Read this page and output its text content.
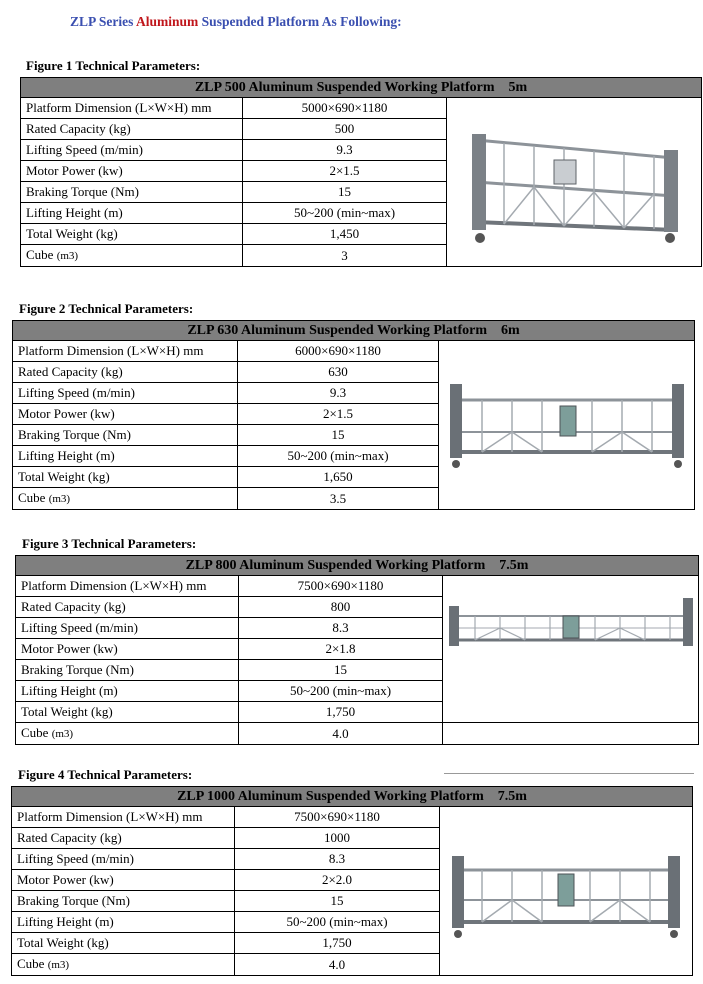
ZLP Series Aluminum Suspended Platform As Following:
Figure 1 Technical Parameters:
ZLP 500 Aluminum Suspended Working Platform 5m		
Platform Dimension (L×W×H) mm	5000×690×1180	

Rated Capacity (kg)	500	
Lifting Speed (m/min)	9.3	
Motor Power (kw)	2×1.5	
Braking Torque (Nm)	15	
Lifting Height (m)	50~200 (min~max)	
Total Weight (kg)	1,450	
Cube (m3)	3	
Figure 2 Technical Parameters:
ZLP 630 Aluminum Suspended Working Platform 6m		
Platform Dimension (L×W×H) mm	6000×690×1180	

Rated Capacity (kg)	630	
Lifting Speed (m/min)	9.3	
Motor Power (kw)	2×1.5	
Braking Torque (Nm)	15	
Lifting Height (m)	50~200 (min~max)	
Total Weight (kg)	1,650	
Cube (m3)	3.5	
Figure 3 Technical Parameters:
ZLP 800 Aluminum Suspended Working Platform 7.5m		
Platform Dimension (L×W×H) mm	7500×690×1180	

Rated Capacity (kg)	800	
Lifting Speed (m/min)	8.3	
Motor Power (kw)	2×1.8	
Braking Torque (Nm)	15	
Lifting Height (m)	50~200 (min~max)	
Total Weight (kg)	1,750	
Cube (m3)	4.0	
Figure 4 Technical Parameters:
ZLP 1000 Aluminum Suspended Working Platform 7.5m		
Platform Dimension (L×W×H) mm	7500×690×1180	

Rated Capacity (kg)	1000	
Lifting Speed (m/min)	8.3	
Motor Power (kw)	2×2.0	
Braking Torque (Nm)	15	
Lifting Height (m)	50~200 (min~max)	
Total Weight (kg)	1,750	
Cube (m3)	4.0	
